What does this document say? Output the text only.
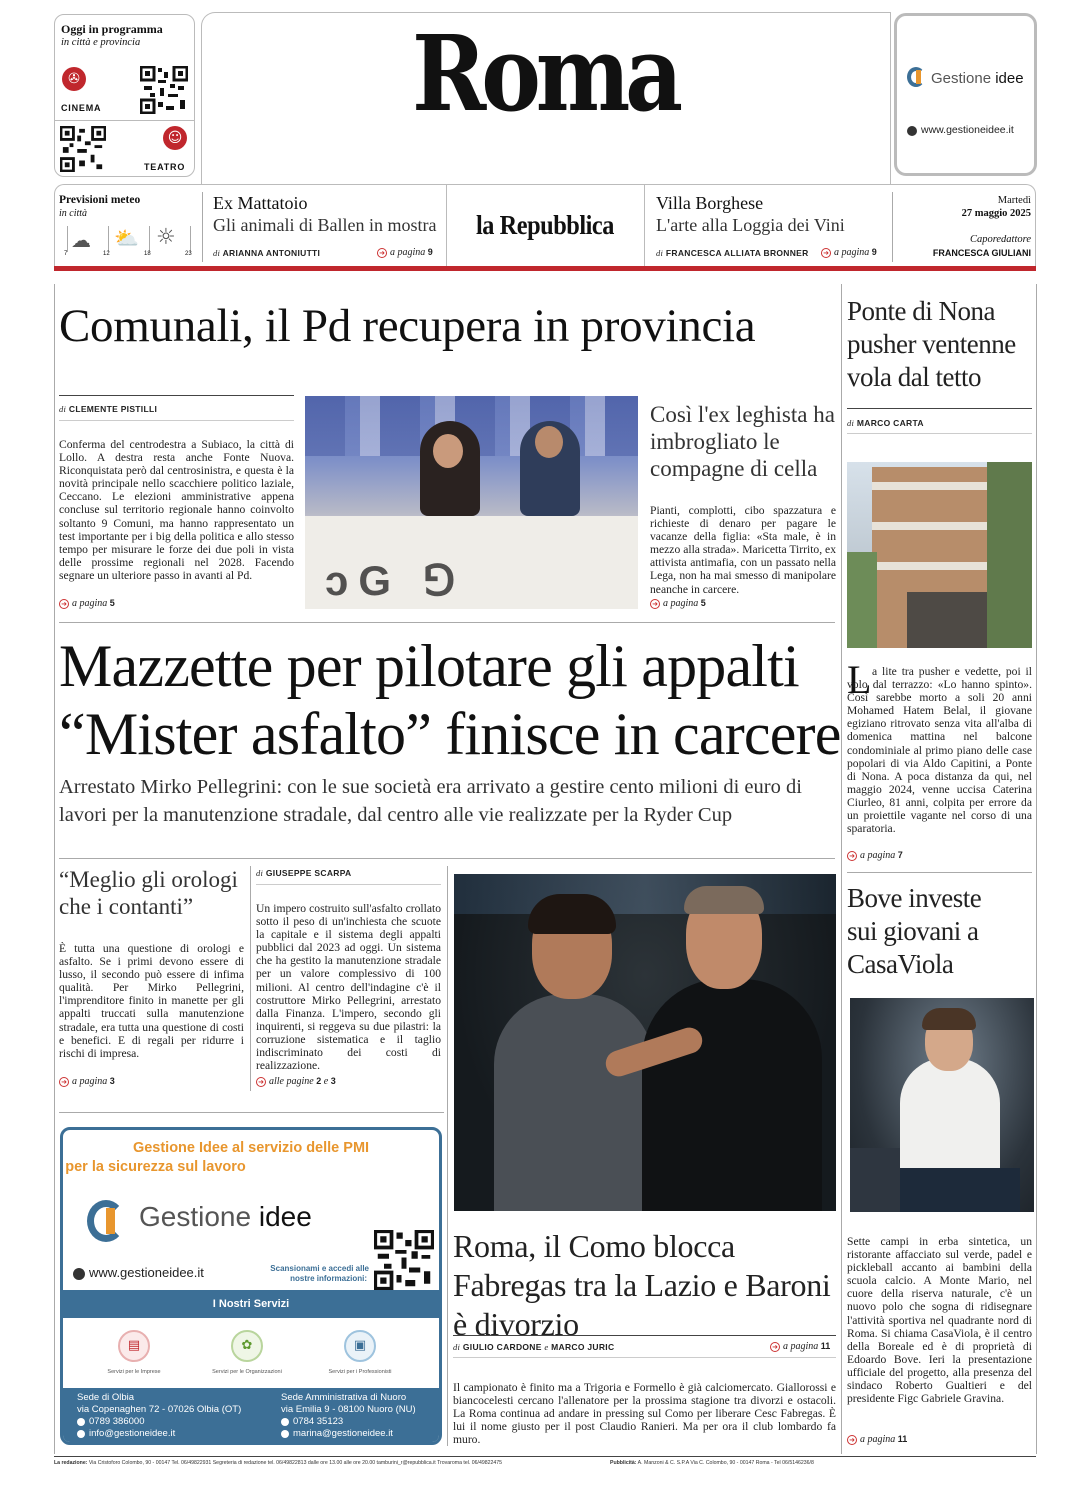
Oggi in programma
in città e provincia
✇
CINEMA
☺
TEATRO
Roma	Gestione idee
www.gestioneidee.it
Previsioni meteo
in città
☁ ⛅ ☼
7	12	18	23
Ex Mattatoio
Gli animali di Ballen in mostra
di ARIANNA ANTONIUTTI	➜ a pagina 9
la Repubblica
Villa Borghese
L'arte alla Loggia dei Vini
di FRANCESCA ALLIATA BRONNER ➜ a pagina 9
Martedì
27 maggio 2025
Caporedattore
FRANCESCA GIULIANI
Comunali, il Pd recupera in provincia
di CLEMENTE PISTILLI
Conferma del centrodestra a Subiaco, la città di Lollo. A destra resta anche Fonte Nuova. Riconquistata però dal centrosinistra, e questa è la novità principale nello scacchiere politico laziale, Ceccano. Le elezioni amministrative appena concluse sul territorio regionale hanno coinvolto soltanto 9 Comuni, ma hanno rappresentato un test importante per i big della politica e allo stesso tempo per misurare le forze dei due poli in vista delle prossime regionali nel 2028. Facendo segnare un ulteriore passo in avanti al Pd.
➜ a pagina 5	ɔG ⅁
Così l'ex leghista ha imbrogliato le compagne di cella
Pianti, complotti, cibo spazzatura e richieste di denaro per pagare le vacanze della figlia: «Sta male, è in mezzo alla strada». Maricetta Tirrito, ex attivista antimafia, con un passato nella Lega, non ha mai smesso di manipolare neanche in carcere.
➜ a pagina 5
Mazzette per pilotare gli appalti
“Mister asfalto” finisce in carcere
Arrestato Mirko Pellegrini: con le sue società era arrivato a gestire cento milioni di euro di lavori per la manutenzione stradale, dal centro alle vie realizzate per la Ryder Cup
“Meglio gli orologi che i contanti”
È tutta una questione di orologi e asfalto. Se i primi devono essere di lusso, il secondo può essere di infima qualità. Per Mirko Pellegrini, l'imprenditore finito in manette per gli appalti truccati sulla manutenzione stradale, era tutta una questione di costi e benefici. E di regali per ridurre i rischi di impresa.
➜ a pagina 3
di GIUSEPPE SCARPA
Un impero costruito sull'asfalto crollato sotto il peso di un'inchiesta che scuote la capitale e il sistema degli appalti pubblici dal 2023 ad oggi. Un sistema che ha gestito la manutenzione stradale per un valore complessivo di 100 milioni. Al centro dell'indagine c'è il costruttore Mirko Pellegrini, arrestato dalla Finanza. L'impero, secondo gli inquirenti, si reggeva su due pilastri: la corruzione sistematica e il taglio indiscriminato dei costi di realizzazione.
➜ alle pagine 2 e 3
Roma, il Como blocca Fabregas tra la Lazio e Baroni è divorzio
di GIULIO CARDONE e MARCO JURIC	➜ a pagina 11
Il campionato è finito ma a Trigoria e Formello è già calciomercato. Giallorossi e biancocelesti cercano l'allenatore per la prossima stagione tra divorzi e ostacoli. La Roma continua ad andare in pressing sul Como per liberare Cesc Fabregas. È lui il nome giusto per il post Claudio Ranieri. Ma per ora il club lombardo fa muro.
Ponte di Nona pusher ventenne vola dal tetto
di MARCO CARTA
L a lite tra pusher e vedette, poi il volo dal terrazzo: «Lo hanno spinto». Così sarebbe morto a soli 20 anni Mohamed Hatem Belal, il giovane egiziano ritrovato senza vita all'alba di domenica mattina nel balcone condominiale al primo piano delle case popolari di via Aldo Capitini, a Ponte di Nona. A poca distanza da qui, nel maggio 2024, venne uccisa Caterina Ciurleo, 81 anni, colpita per errore da un proiettile vagante nel corso di una sparatoria.
➜ a pagina 7
Bove investe sui giovani a CasaViola
Sette campi in erba sintetica, un ristorante affacciato sul verde, padel e pickleball accanto ai bambini della scuola calcio. A Monte Mario, nel cuore della riserva naturale, c'è un nuovo polo che sogna di ridisegnare l'attività sportiva nel quadrante nord di Roma. Si chiama CasaViola, è il centro della Boreale ed è di proprietà di Edoardo Bove. Ieri la presentazione ufficiale del progetto, alla presenza del sindaco Roberto Gualtieri e del presidente Figc Gabriele Gravina.
➜ a pagina 11
Gestione Idee al servizio delle PMI
per la sicurezza sul lavoro
Gestione idee
www.gestioneidee.it	Scansionami e accedi alle
nostre informazioni:
I Nostri Servizi
▤	✿	▣
Servizi per le Imprese	Servizi per le Organizzazioni	Servizi per i Professionisti
Sede di Olbia
via Copenaghen 72 - 07026 Olbia (OT)
0789 386000
info@gestioneidee.it
Sede Amministrativa di Nuoro
via Emilia 9 - 08100 Nuoro (NU)
0784 35123
marina@gestioneidee.it
La redazione: Via Cristoforo Colombo, 90 - 00147 Tel. 06/49822931 Segreteria di redazione tel. 06/49822813 dalle ore 13.00 alle ore 20.00 tamburini_r@repubblica.it Trovaroma tel. 06/49822475	Pubblicità: A. Manzoni & C. S.P.A Via C. Colombo, 90 - 00147 Roma - Tel 06/5146236/8
